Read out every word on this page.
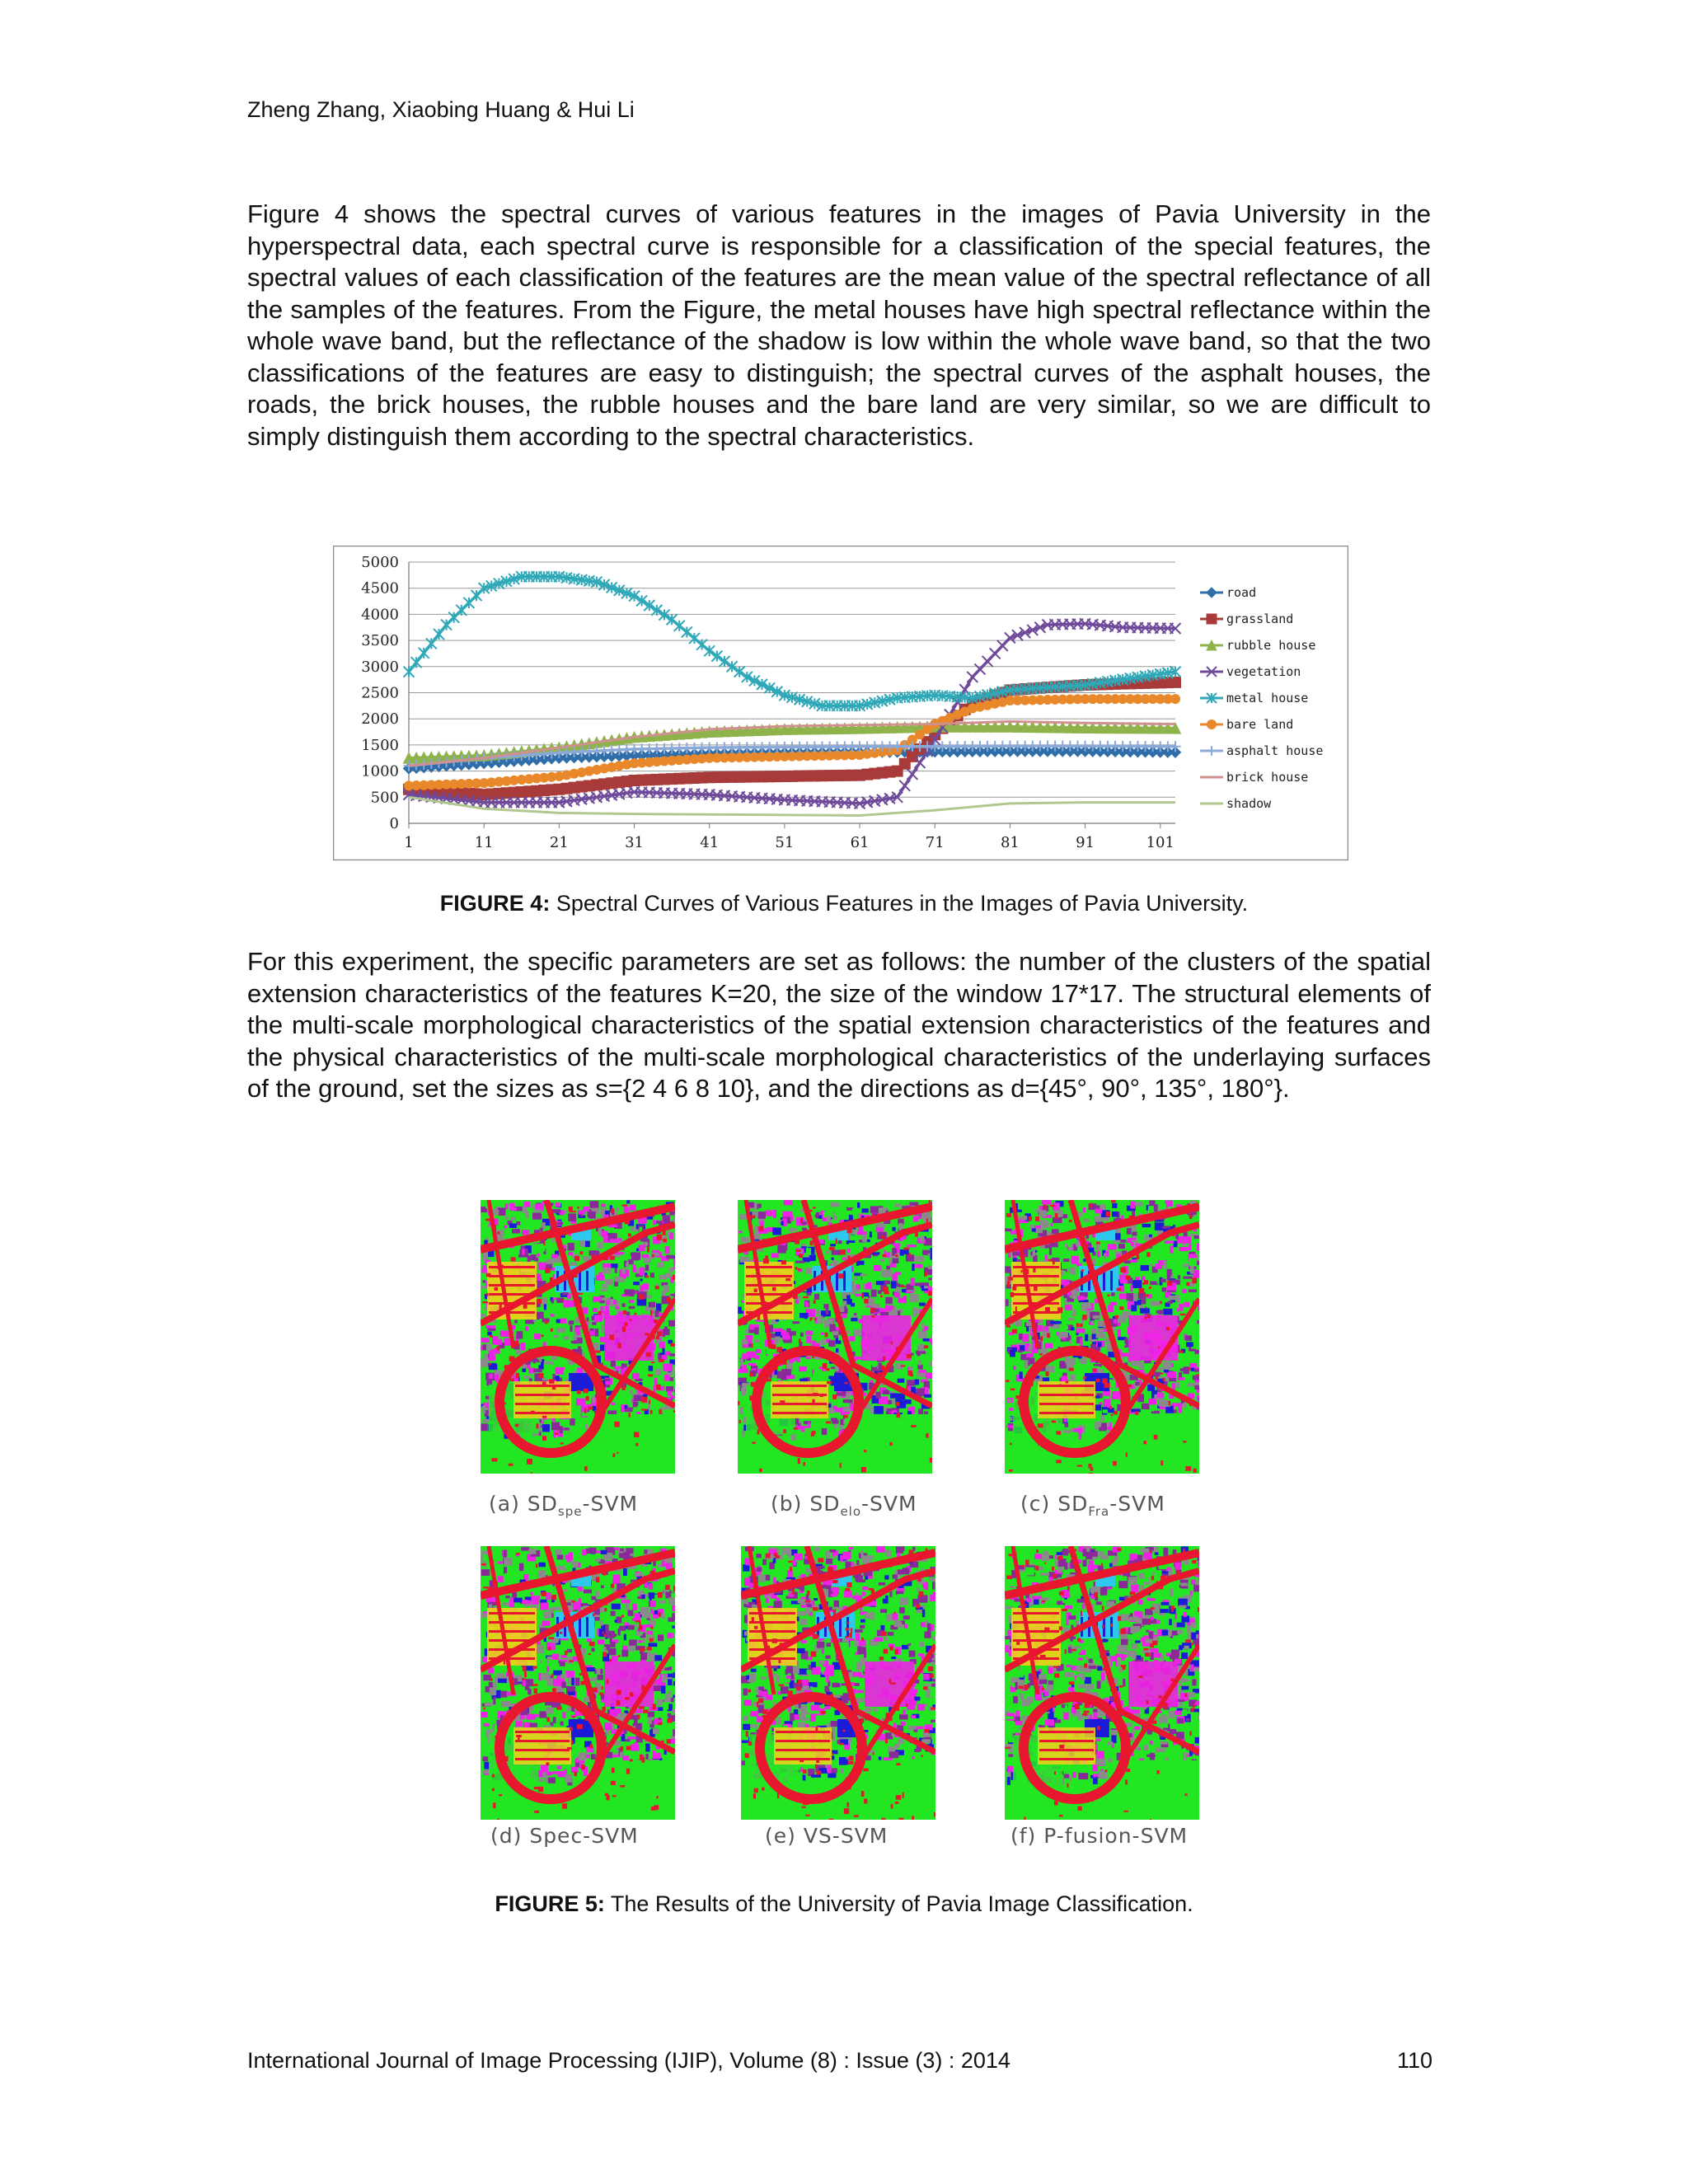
Zheng Zhang, Xiaobing Huang & Hui Li

Figure 4 shows the spectral curves of various features in the images of Pavia University in the hyperspectral data, each spectral curve is responsible for a classification of the special features, the spectral values of each classification of the features are the mean value of the spectral reflectance of all the samples of the features. From the Figure, the metal houses have high spectral reflectance within the whole wave band, but the reflectance of the shadow is low within the whole wave band, so that the two classifications of the features are easy to distinguish; the spectral curves of the asphalt houses, the roads, the brick houses, the rubble houses and the bare land are very similar, so we are difficult to simply distinguish them according to the spectral characteristics.

0
500
1000
1500
2000
2500
3000
3500
4000
4500
5000
1	11	21	31	41	51	61	71	81	91	101
road
grassland
rubble house
vegetation
metal house
bare land
asphalt house
brick house
shadow
FIGURE 4: Spectral Curves of Various Features in the Images of Pavia University.

For this experiment, the specific parameters are set as follows: the number of the clusters of the spatial extension characteristics of the features K=20, the size of the window 17*17. The structural elements of the multi-scale morphological characteristics of the spatial extension characteristics of the features and the physical characteristics of the multi-scale morphological characteristics of the underlaying surfaces of the ground, set the sizes as s={2 4 6 8 10}, and the directions as d={45°, 90°, 135°, 180°}.

(a) $SD_{spe}$-SVM	(b) $SD_{elo}$-SVM	(c) $SD_{Fra}$-SVM
(d) Spec-SVM	(e) VS-SVM	(f) P-fusion-SVM
FIGURE 5: The Results of the University of Pavia Image Classification.
International Journal of Image Processing (IJIP), Volume (8) : Issue (3) : 2014	110
